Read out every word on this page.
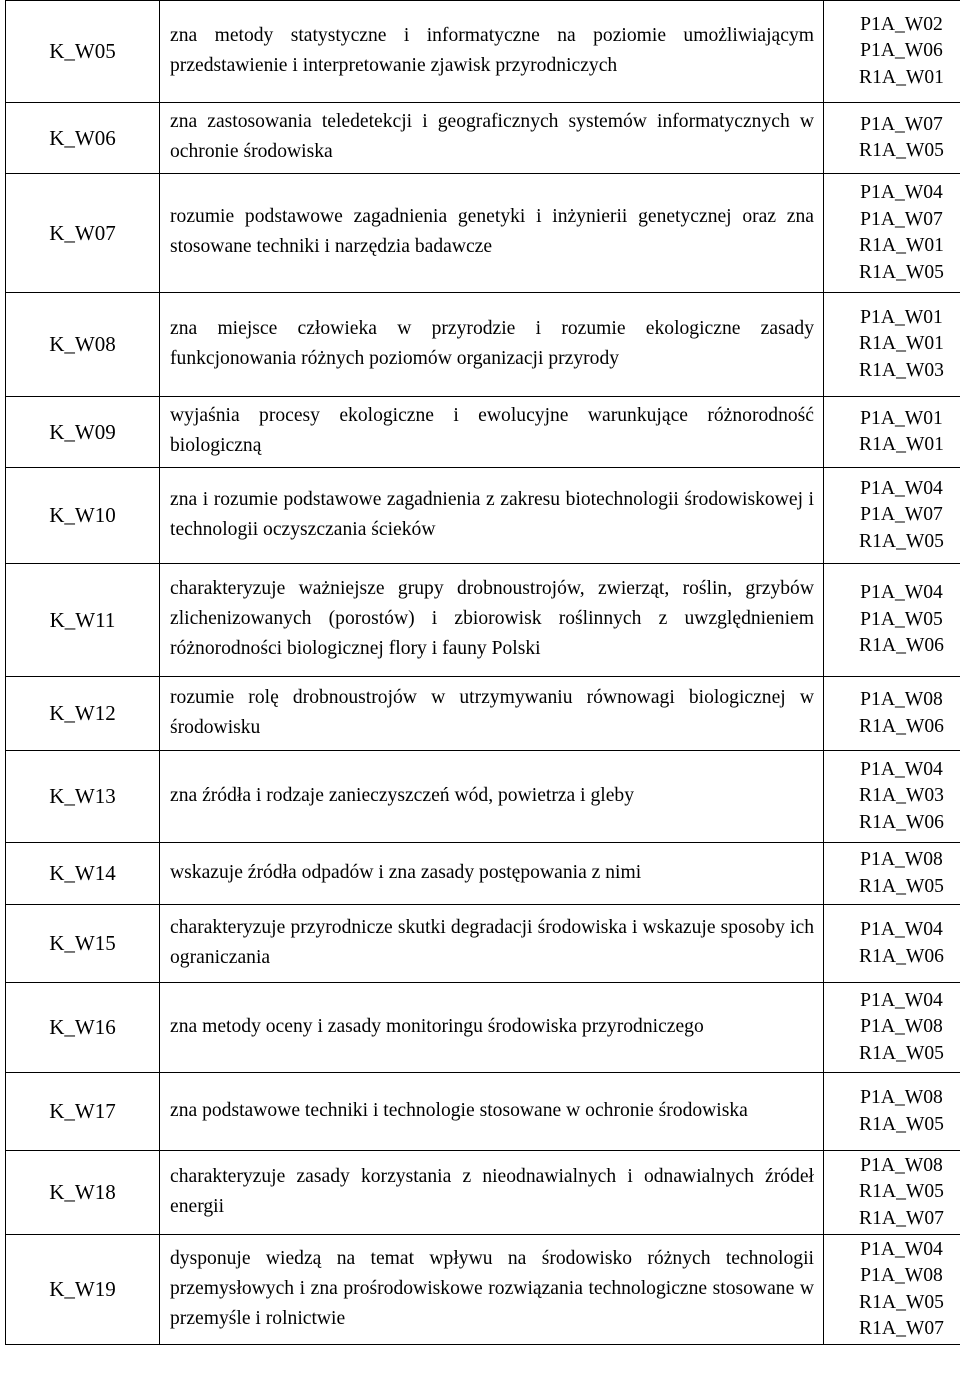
K_W05	zna metody statystyczne i informatyczne na poziomie umożliwiającym przedstawienie i interpretowanie zjawisk przyrodniczych	P1A_W02
P1A_W06
R1A_W01

K_W06	zna zastosowania teledetekcji i geograficznych systemów informatycznych w ochronie środowiska	P1A_W07
R1A_W05

K_W07	rozumie podstawowe zagadnienia genetyki i inżynierii genetycznej oraz zna stosowane techniki i narzędzia badawcze	P1A_W04
P1A_W07
R1A_W01
R1A_W05

K_W08	zna miejsce człowieka w przyrodzie i rozumie ekologiczne zasady funkcjonowania różnych poziomów organizacji przyrody	P1A_W01
R1A_W01
R1A_W03

K_W09	wyjaśnia procesy ekologiczne i ewolucyjne warunkujące różnorodność biologiczną	P1A_W01
R1A_W01

K_W10	zna i rozumie podstawowe zagadnienia z zakresu biotechnologii środowiskowej i technologii oczyszczania ścieków	P1A_W04
P1A_W07
R1A_W05

K_W11	charakteryzuje ważniejsze grupy drobnoustrojów, zwierząt, roślin, grzybów zlichenizowanych (porostów) i zbiorowisk roślinnych z uwzględnieniem różnorodności biologicznej flory i fauny Polski	P1A_W04
P1A_W05
R1A_W06

K_W12	rozumie rolę drobnoustrojów w utrzymywaniu równowagi biologicznej w środowisku	P1A_W08
R1A_W06

K_W13	zna źródła i rodzaje zanieczyszczeń wód, powietrza i gleby	P1A_W04
R1A_W03
R1A_W06

K_W14	wskazuje źródła odpadów i zna zasady postępowania z nimi	P1A_W08
R1A_W05

K_W15	charakteryzuje przyrodnicze skutki degradacji środowiska i wskazuje sposoby ich ograniczania	P1A_W04
R1A_W06

K_W16	zna metody oceny i zasady monitoringu środowiska przyrodniczego	P1A_W04
P1A_W08
R1A_W05

K_W17	zna podstawowe techniki i technologie stosowane w ochronie środowiska	P1A_W08
R1A_W05

K_W18	charakteryzuje zasady korzystania z nieodnawialnych i odnawialnych źródeł energii	P1A_W08
R1A_W05
R1A_W07

K_W19	dysponuje wiedzą na temat wpływu na środowisko różnych technologii przemysłowych i zna prośrodowiskowe rozwiązania technologiczne stosowane w przemyśle i rolnictwie	P1A_W04
P1A_W08
R1A_W05
R1A_W07
